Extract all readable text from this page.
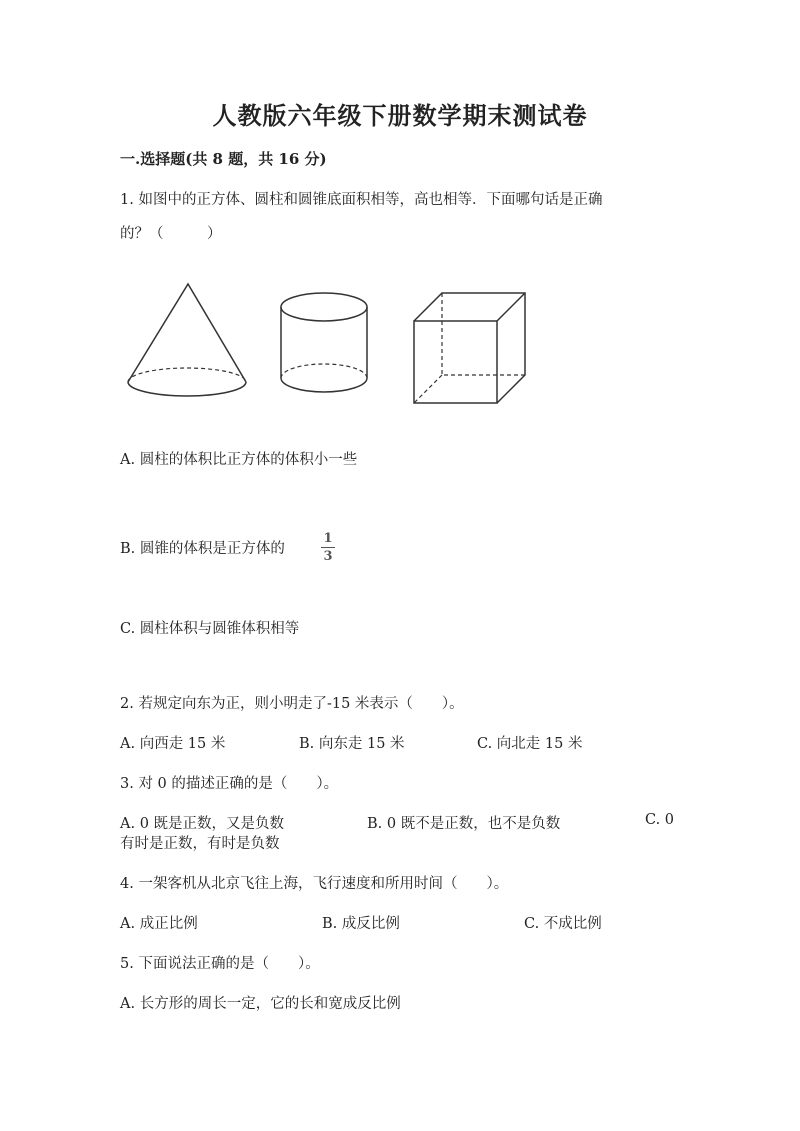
人教版六年级下册数学期末测试卷
一.选择题(共 8 题，共 16 分)
1. 如图中的正方体、圆柱和圆锥底面积相等，高也相等．下面哪句话是正确
的？（　　　）
A. 圆柱的体积比正方体的体积小一些
B. 圆锥的体积是正方体的
1
3
C. 圆柱体积与圆锥体积相等
2. 若规定向东为正，则小明走了-15 米表示（　　）。
A. 向西走 15 米	B. 向东走 15 米	C. 向北走 15 米
3. 对 0 的描述正确的是（　　）。
A. 0 既是正数，又是负数	B. 0 既不是正数，也不是负数	C. 0
有时是正数，有时是负数
4. 一架客机从北京飞往上海，飞行速度和所用时间（　　）。
A. 成正比例	B. 成反比例	C. 不成比例
5. 下面说法正确的是（　　）。
A. 长方形的周长一定，它的长和宽成反比例
